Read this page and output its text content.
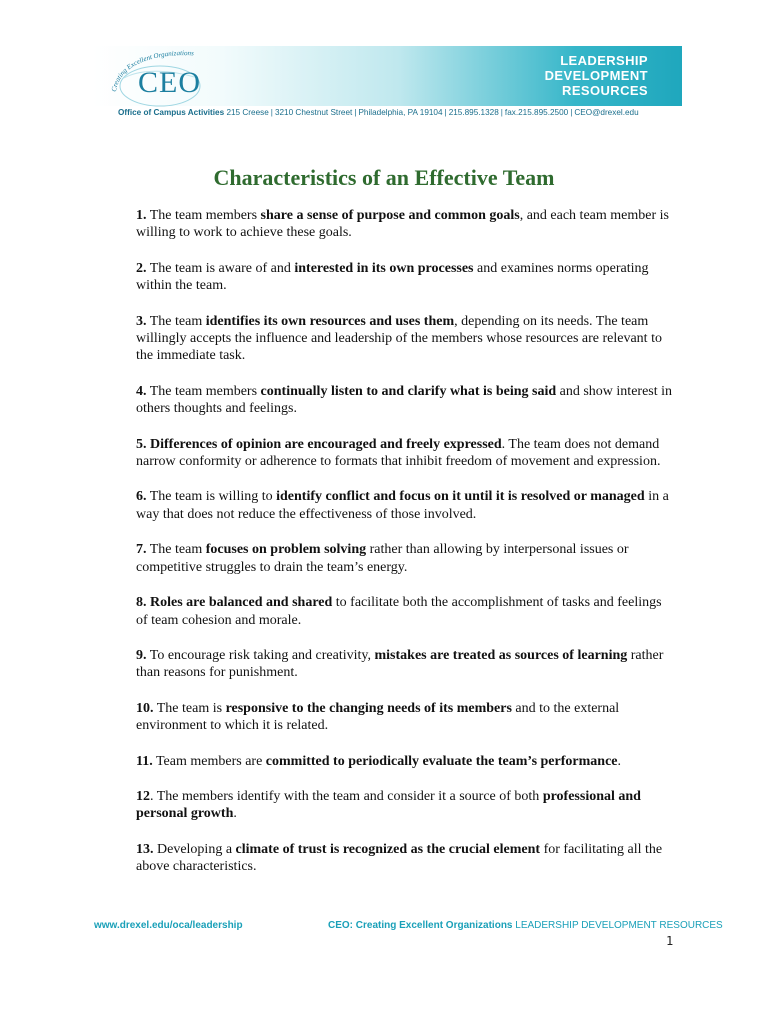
Creating Excellent Organizations
CEO
LEADERSHIP
DEVELOPMENT
RESOURCES
Office of Campus Activities 215 Creese | 3210 Chestnut Street | Philadelphia, PA 19104 | 215.895.1328 | fax.215.895.2500 | CEO@drexel.edu
Characteristics of an Effective Team

1. The team members share a sense of purpose and common goals, and each team member is willing to work to achieve these goals.

2. The team is aware of and interested in its own processes and examines norms operating within the team.

3. The team identifies its own resources and uses them, depending on its needs. The team willingly accepts the influence and leadership of the members whose resources are relevant to the immediate task.

4. The team members continually listen to and clarify what is being said and show interest in others thoughts and feelings.

5. Differences of opinion are encouraged and freely expressed. The team does not demand narrow conformity or adherence to formats that inhibit freedom of movement and expression.

6. The team is willing to identify conflict and focus on it until it is resolved or managed in a way that does not reduce the effectiveness of those involved.

7. The team focuses on problem solving rather than allowing by interpersonal issues or competitive struggles to drain the team’s energy.

8. Roles are balanced and shared to facilitate both the accomplishment of tasks and feelings of team cohesion and morale.

9. To encourage risk taking and creativity, mistakes are treated as sources of learning rather than reasons for punishment.

10. The team is responsive to the changing needs of its members and to the external environment to which it is related.

11. Team members are committed to periodically evaluate the team’s performance.

12. The members identify with the team and consider it a source of both professional and personal growth.

13. Developing a climate of trust is recognized as the crucial element for facilitating all the above characteristics.

www.drexel.edu/oca/leadership	CEO: Creating Excellent Organizations LEADERSHIP DEVELOPMENT RESOURCES
1
